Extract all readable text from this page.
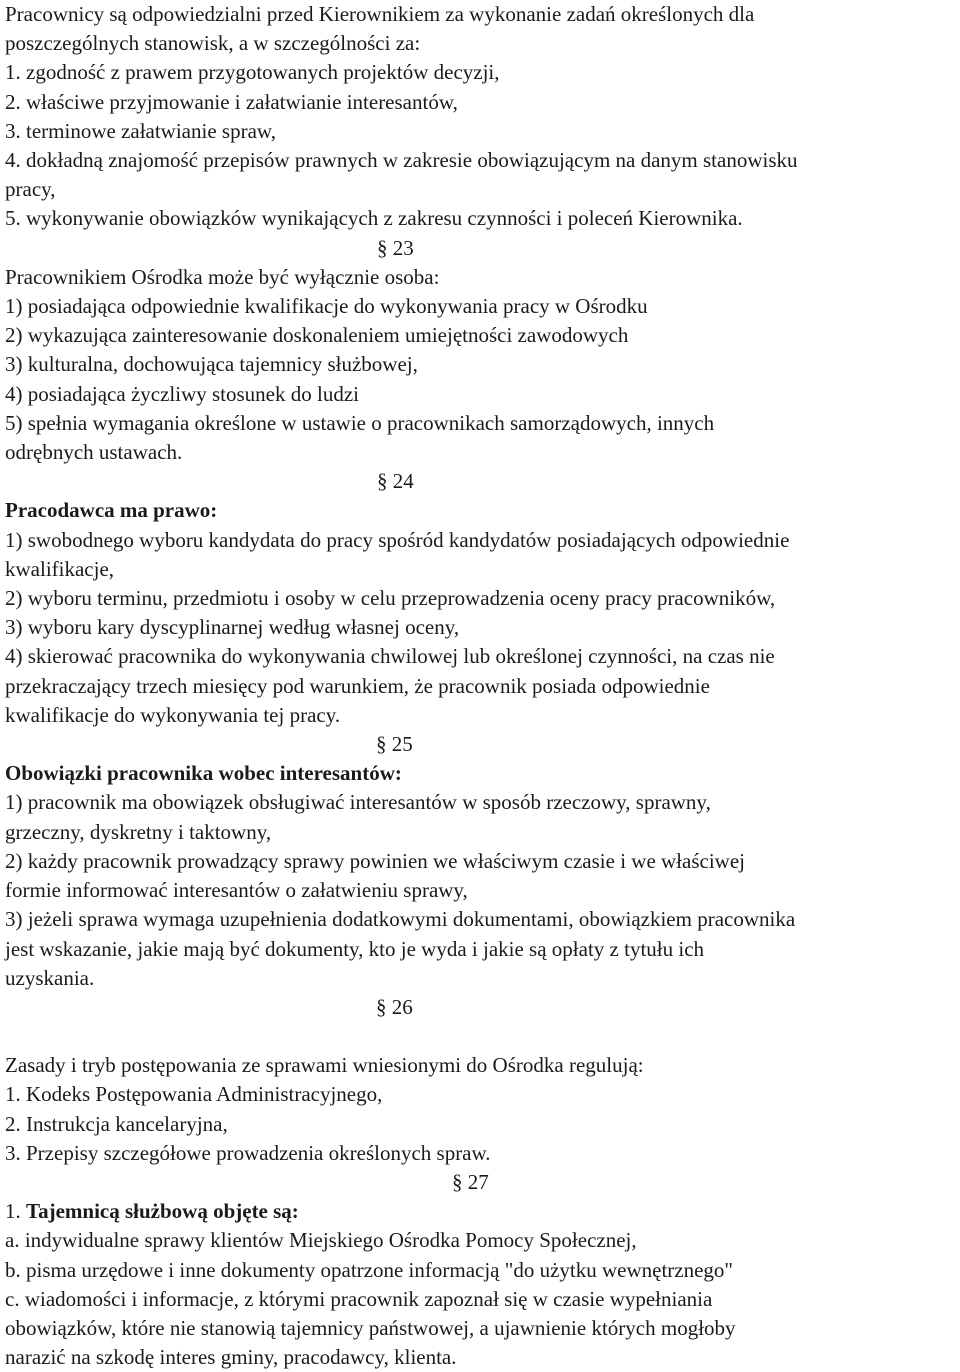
Pracownicy są odpowiedzialni przed Kierownikiem za wykonanie zadań określonych dla

poszczególnych stanowisk, a w szczególności za:

1. zgodność z prawem przygotowanych projektów decyzji,

2. właściwe przyjmowanie i załatwianie interesantów,

3. terminowe załatwianie spraw,

4. dokładną znajomość przepisów prawnych w zakresie obowiązującym na danym stanowisku

pracy,

5. wykonywanie obowiązków wynikających z zakresu czynności i poleceń Kierownika.

§ 23

Pracownikiem Ośrodka może być wyłącznie osoba:

1) posiadająca odpowiednie kwalifikacje do wykonywania pracy w Ośrodku

2) wykazująca zainteresowanie doskonaleniem umiejętności zawodowych

3) kulturalna, dochowująca tajemnicy służbowej,

4) posiadająca życzliwy stosunek do ludzi

5) spełnia wymagania określone w ustawie o pracownikach samorządowych, innych

odrębnych ustawach.

§ 24

Pracodawca ma prawo:

1) swobodnego wyboru kandydata do pracy spośród kandydatów posiadających odpowiednie

kwalifikacje,

2) wyboru terminu, przedmiotu i osoby w celu przeprowadzenia oceny pracy pracowników,

3) wyboru kary dyscyplinarnej według własnej oceny,

4) skierować pracownika do wykonywania chwilowej lub określonej czynności, na czas nie

przekraczający trzech miesięcy pod warunkiem, że pracownik posiada odpowiednie

kwalifikacje do wykonywania tej pracy.

§ 25

Obowiązki pracownika wobec interesantów:

1) pracownik ma obowiązek obsługiwać interesantów w sposób rzeczowy, sprawny,

grzeczny, dyskretny i taktowny,

2) każdy pracownik prowadzący sprawy powinien we właściwym czasie i we właściwej

formie informować interesantów o załatwieniu sprawy,

3) jeżeli sprawa wymaga uzupełnienia dodatkowymi dokumentami, obowiązkiem pracownika

jest wskazanie, jakie mają być dokumenty, kto je wyda i jakie są opłaty z tytułu ich

uzyskania.

§ 26

Zasady i tryb postępowania ze sprawami wniesionymi do Ośrodka regulują:

1. Kodeks Postępowania Administracyjnego,

2. Instrukcja kancelaryjna,

3. Przepisy szczegółowe prowadzenia określonych spraw.

§ 27

1. Tajemnicą służbową objęte są:

a. indywidualne sprawy klientów Miejskiego Ośrodka Pomocy Społecznej,

b. pisma urzędowe i inne dokumenty opatrzone informacją "do użytku wewnętrznego"

c. wiadomości i informacje, z którymi pracownik zapoznał się w czasie wypełniania

obowiązków, które nie stanowią tajemnicy państwowej, a ujawnienie których mogłoby

narazić na szkodę interes gminy, pracodawcy, klienta.
